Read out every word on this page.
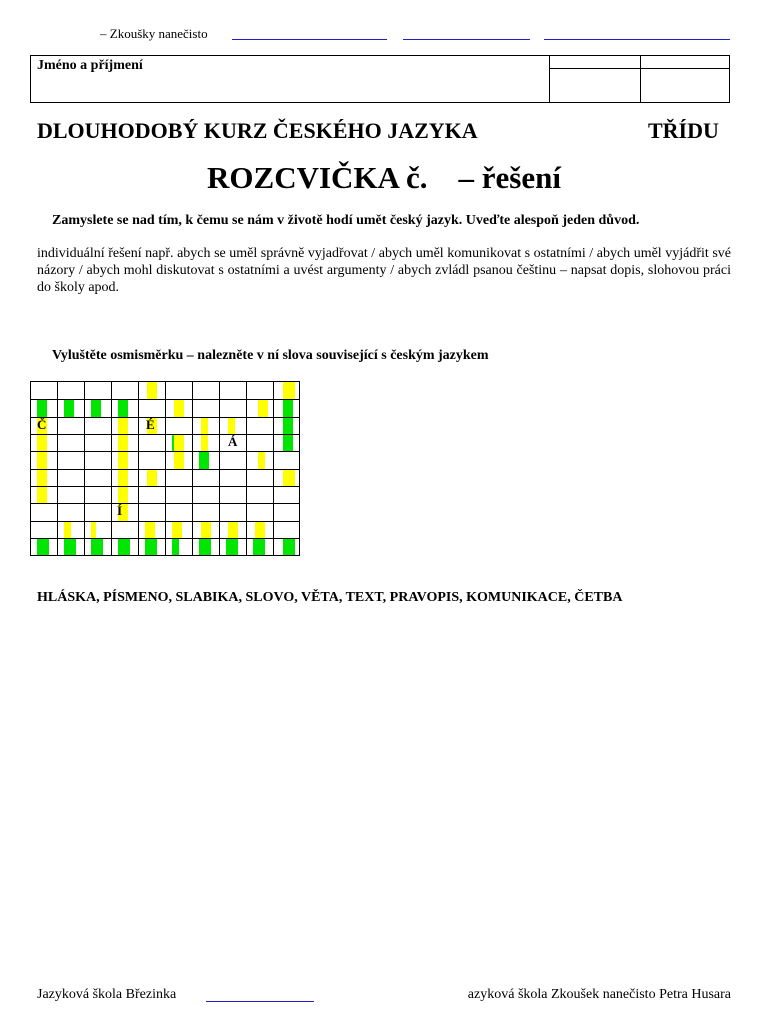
– Zkoušky nanečisto
Jméno a příjmení
DLOUHODOBÝ KURZ ČESKÉHO JAZYKA	TŘÍDU
ROZCVIČKA č.    – řešení
Zamyslete se nad tím, k čemu se nám v životě hodí umět český jazyk. Uveďte alespoň jeden důvod.
individuální řešení např. abych se uměl správně vyjadřovat / abych uměl komunikovat s ostatními / abych uměl vyjádřit své názory / abych mohl diskutovat s ostatními a uvést argumenty / abych zvládl psanou češtinu – napsat dopis, slohovou práci do školy apod.
Vyluštěte osmisměrku – nalezněte v ní slova související s českým jazykem
Č	É
Á
Í
HLÁSKA, PÍSMENO, SLABIKA, SLOVO, VĚTA, TEXT, PRAVOPIS, KOMUNIKACE, ČETBA
Jazyková škola Březinka	azyková škola Zkoušek nanečisto Petra Husara
